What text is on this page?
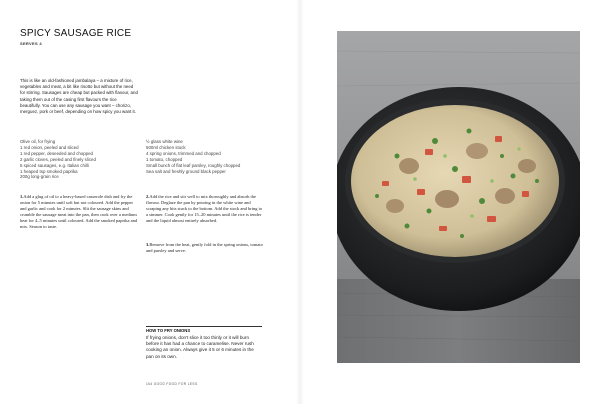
SPICY SAUSAGE RICE
SERVES 4
This is like an old-fashioned jambalaya – a mixture of rice, vegetables and meat, a bit like risotto but without the need for stirring. Sausages are cheap but packed with flavour, and taking them out of the casing first flavours the rice beautifully. You can use any sausage you want – chorizo, merguez, pork or beef, depending on how spicy you want it.
Olive oil, for frying
1 red onion, peeled and sliced
1 red pepper, deseeded and chopped
2 garlic cloves, peeled and finely sliced
5 spiced sausages, e.g. Italian chilli
1 heaped tsp smoked paprika
200g long-grain rice
½ glass white wine
500ml chicken stock
4 spring onions, trimmed and chopped
1 tomato, chopped
Small bunch of flat leaf parsley, roughly chopped
Sea salt and freshly ground black pepper

1.Add a glug of oil to a heavy-based casserole dish and fry the onion for 5 minutes until soft but not coloured. Add the pepper and garlic and cook for 2 minutes. Slit the sausage skins and crumble the sausage meat into the pan, then cook over a medium heat for 4–5 minutes until coloured. Add the smoked paprika and mix. Season to taste.

2.Add the rice and stir well to mix thoroughly and absorb the flavour. Deglaze the pan by pouring in the white wine and scraping any bits stuck to the bottom. Add the stock and bring to a simmer. Cook gently for 15–20 minutes until the rice is tender and the liquid almost entirely absorbed.

3.Remove from the heat, gently fold in the spring onions, tomato and parsley and serve.

HOW TO FRY ONIONS
If frying onions, don't slice it too thinly or it will burn before it has had a chance to caramelise. Never rush cooking an onion. Always give it 5 or 6 minutes in the pan on its own.
164 GOOD FOOD FOR LESS
